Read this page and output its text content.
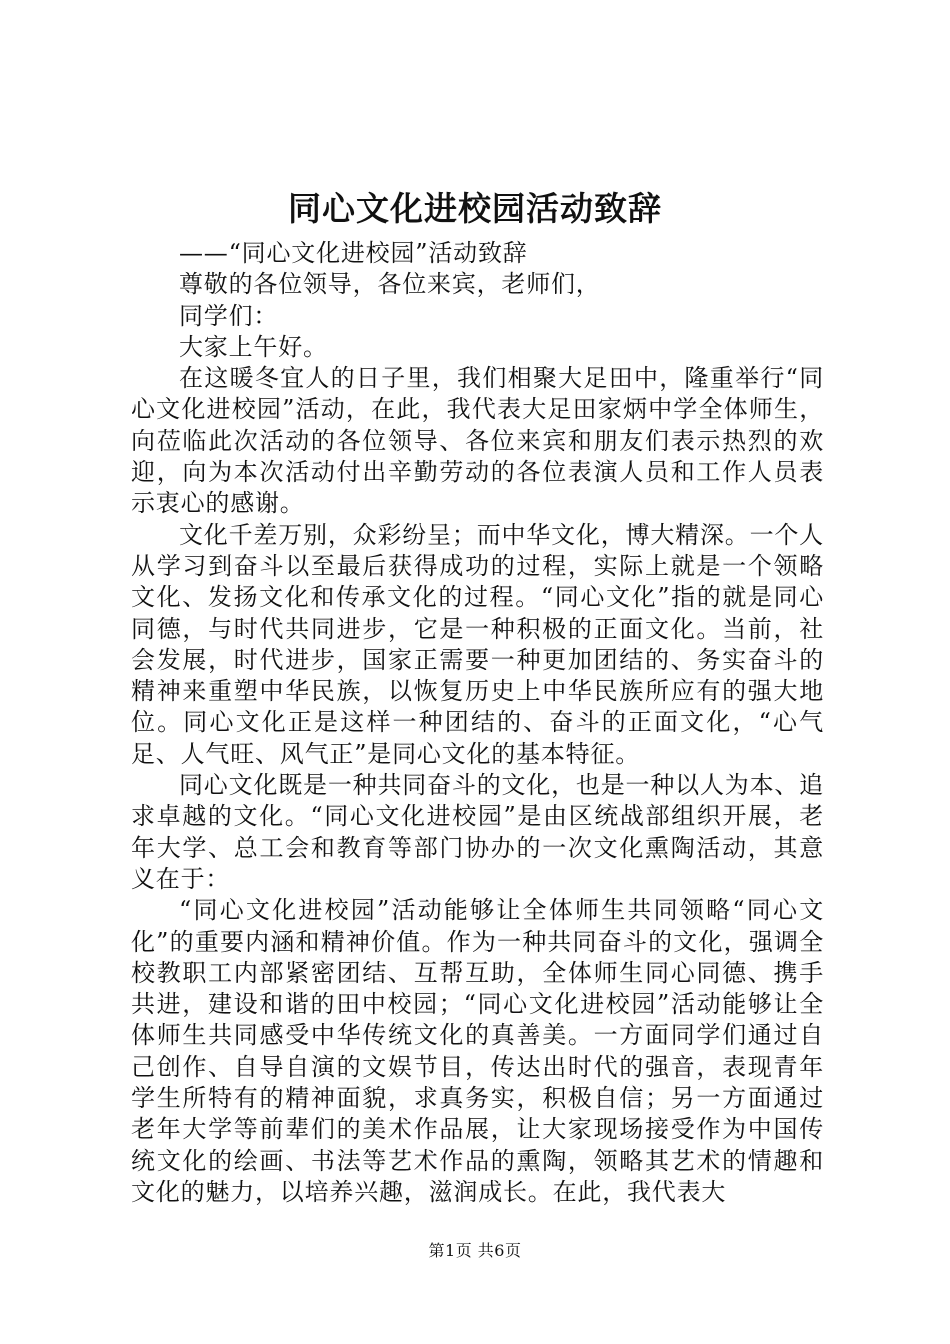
同心文化进校园活动致辞

——“同心文化进校园”活动致辞

尊敬的各位领导，各位来宾，老师们，

同学们：

大家上午好。

在这暖冬宜人的日子里，我们相聚大足田中，隆重举行“同心文化进校园”活动，在此，我代表大足田家炳中学全体师生，向莅临此次活动的各位领导、各位来宾和朋友们表示热烈的欢迎，向为本次活动付出辛勤劳动的各位表演人员和工作人员表示衷心的感谢。

文化千差万别，众彩纷呈；而中华文化，博大精深。一个人从学习到奋斗以至最后获得成功的过程，实际上就是一个领略文化、发扬文化和传承文化的过程。“同心文化”指的就是同心同德，与时代共同进步，它是一种积极的正面文化。当前，社会发展，时代进步，国家正需要一种更加团结的、务实奋斗的精神来重塑中华民族，以恢复历史上中华民族所应有的强大地位。同心文化正是这样一种团结的、奋斗的正面文化，“心气足、人气旺、风气正”是同心文化的基本特征。

同心文化既是一种共同奋斗的文化，也是一种以人为本、追求卓越的文化。“同心文化进校园”是由区统战部组织开展，老年大学、总工会和教育等部门协办的一次文化熏陶活动，其意义在于：

“同心文化进校园”活动能够让全体师生共同领略“同心文化”的重要内涵和精神价值。作为一种共同奋斗的文化，强调全校教职工内部紧密团结、互帮互助，全体师生同心同德、携手共进，建设和谐的田中校园；“同心文化进校园”活动能够让全体师生共同感受中华传统文化的真善美。一方面同学们通过自己创作、自导自演的文娱节目，传达出时代的强音，表现青年学生所特有的精神面貌，求真务实，积极自信；另一方面通过老年大学等前辈们的美术作品展，让大家现场接受作为中国传统文化的绘画、书法等艺术作品的熏陶，领略其艺术的情趣和文化的魅力，以培养兴趣，滋润成长。在此，我代表大

第1页 共6页
